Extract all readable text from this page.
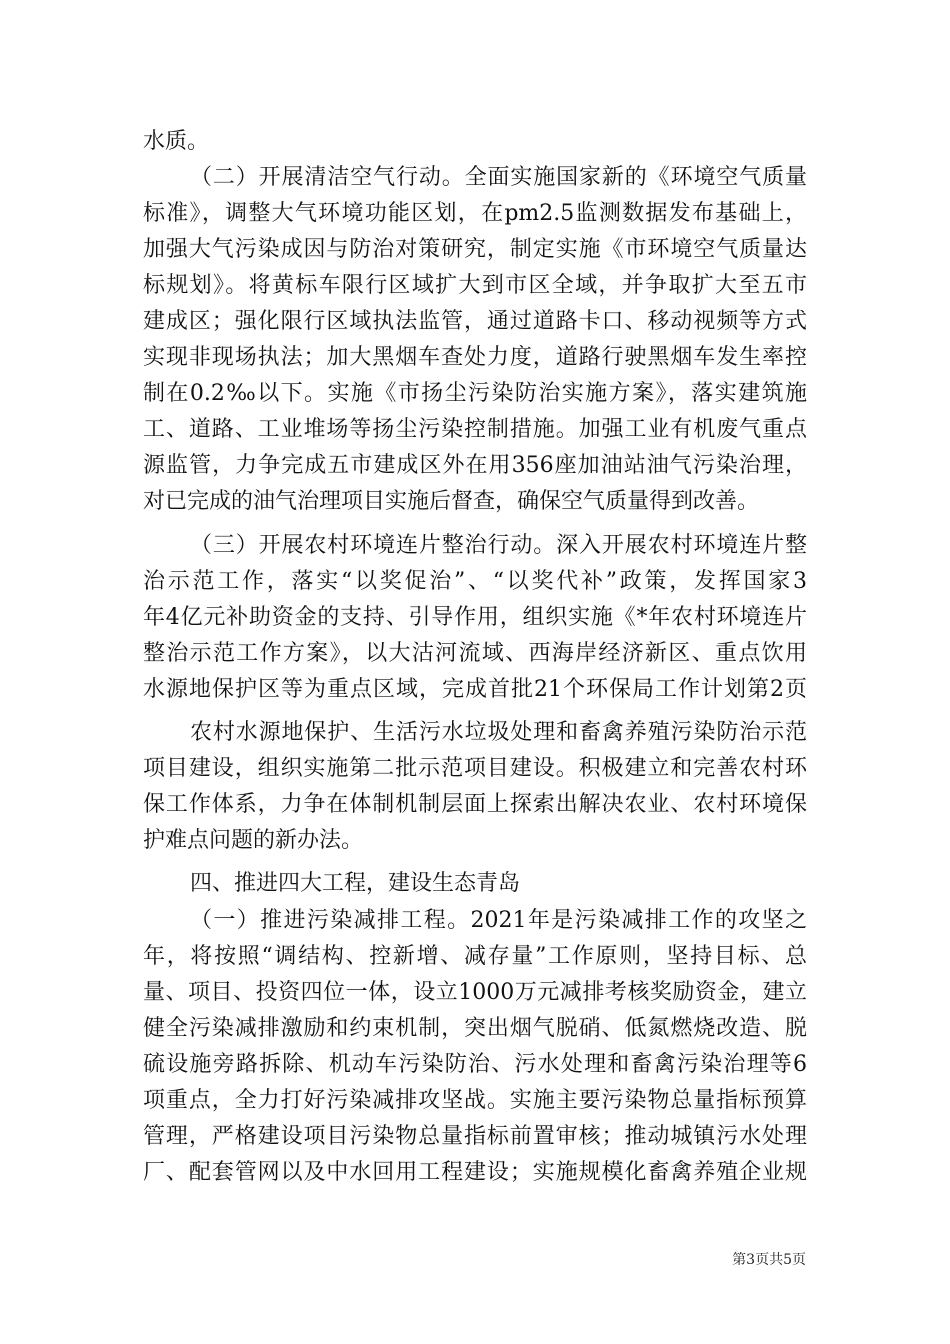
水质。
（二）开展清洁空气行动。全面实施国家新的《环境空气质量
标准》，调整大气环境功能区划，在pm2.5监测数据发布基础上，
加强大气污染成因与防治对策研究，制定实施《市环境空气质量达
标规划》。将黄标车限行区域扩大到市区全域，并争取扩大至五市
建成区；强化限行区域执法监管，通过道路卡口、移动视频等方式
实现非现场执法；加大黑烟车查处力度，道路行驶黑烟车发生率控
制在0.2‰以下。实施《市扬尘污染防治实施方案》，落实建筑施
工、道路、工业堆场等扬尘污染控制措施。加强工业有机废气重点
源监管，力争完成五市建成区外在用356座加油站油气污染治理，
对已完成的油气治理项目实施后督查，确保空气质量得到改善。
（三）开展农村环境连片整治行动。深入开展农村环境连片整
治示范工作，落实“以奖促治”、“以奖代补”政策，发挥国家3
年4亿元补助资金的支持、引导作用，组织实施《*年农村环境连片
整治示范工作方案》，以大沽河流域、西海岸经济新区、重点饮用
水源地保护区等为重点区域，完成首批21个环保局工作计划第2页
农村水源地保护、生活污水垃圾处理和畜禽养殖污染防治示范
项目建设，组织实施第二批示范项目建设。积极建立和完善农村环
保工作体系，力争在体制机制层面上探索出解决农业、农村环境保
护难点问题的新办法。
四、推进四大工程，建设生态青岛
（一）推进污染减排工程。2021年是污染减排工作的攻坚之
年，将按照“调结构、控新增、减存量”工作原则，坚持目标、总
量、项目、投资四位一体，设立1000万元减排考核奖励资金，建立
健全污染减排激励和约束机制，突出烟气脱硝、低氮燃烧改造、脱
硫设施旁路拆除、机动车污染防治、污水处理和畜禽污染治理等6
项重点，全力打好污染减排攻坚战。实施主要污染物总量指标预算
管理，严格建设项目污染物总量指标前置审核；推动城镇污水处理
厂、配套管网以及中水回用工程建设；实施规模化畜禽养殖企业规
第3页共5页
